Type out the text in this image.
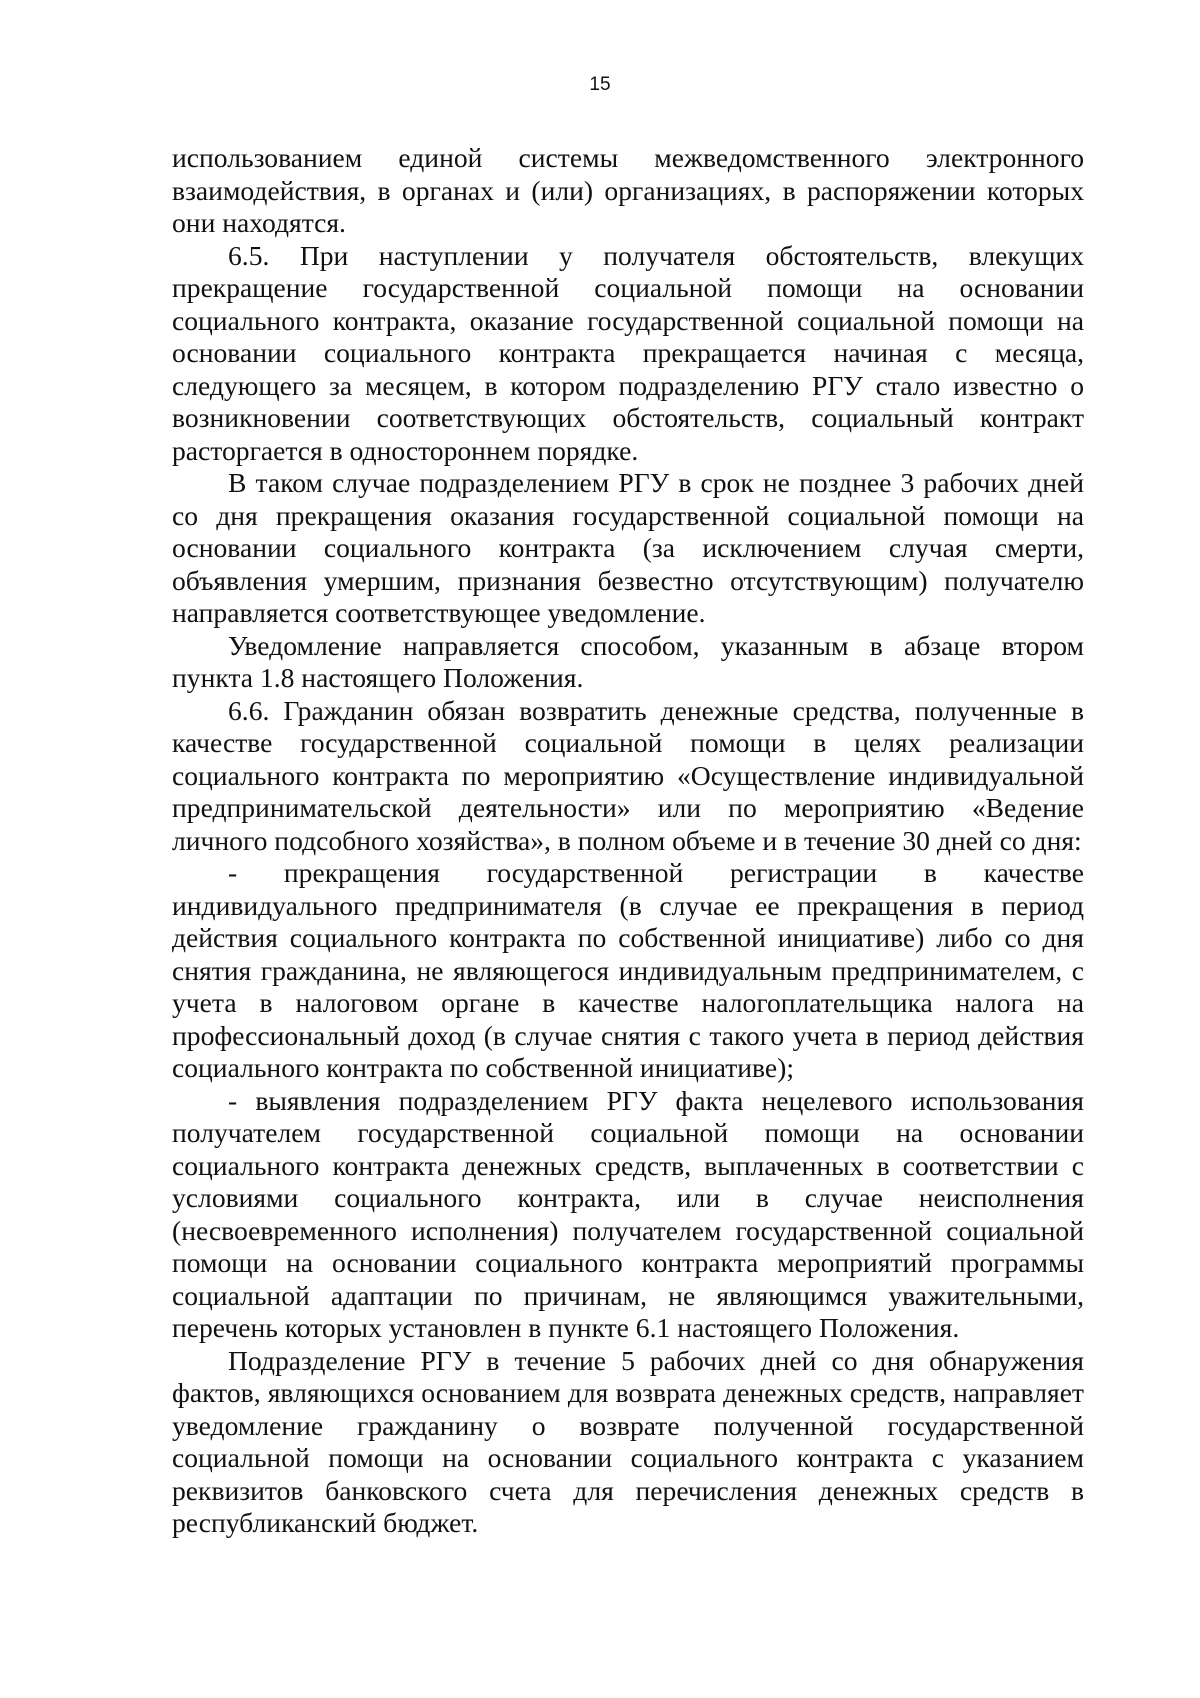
15

использованием единой системы межведомственного электронного взаимодействия, в органах и (или) организациях, в распоряжении которых они находятся.

6.5. При наступлении у получателя обстоятельств, влекущих прекращение государственной социальной помощи на основании социального контракта, оказание государственной социальной помощи на основании социального контракта прекращается начиная с месяца, следующего за месяцем, в котором подразделению РГУ стало известно о возникновении соответствующих обстоятельств, социальный контракт расторгается в одностороннем порядке.

В таком случае подразделением РГУ в срок не позднее 3 рабочих дней со дня прекращения оказания государственной социальной помощи на основании социального контракта (за исключением случая смерти, объявления умершим, признания безвестно отсутствующим) получателю направляется соответствующее уведомление.

Уведомление направляется способом, указанным в абзаце втором пункта 1.8 настоящего Положения.

6.6. Гражданин обязан возвратить денежные средства, полученные в качестве государственной социальной помощи в целях реализации социального контракта по мероприятию «Осуществление индивидуальной предпринимательской деятельности» или по мероприятию «Ведение личного подсобного хозяйства», в полном объеме и в течение 30 дней со дня:

- прекращения государственной регистрации в качестве индивидуального предпринимателя (в случае ее прекращения в период действия социального контракта по собственной инициативе) либо со дня снятия гражданина, не являющегося индивидуальным предпринимателем, с учета в налоговом органе в качестве налогоплательщика налога на профессиональный доход (в случае снятия с такого учета в период действия социального контракта по собственной инициативе);

- выявления подразделением РГУ факта нецелевого использования получателем государственной социальной помощи на основании социального контракта денежных средств, выплаченных в соответствии с условиями социального контракта, или в случае неисполнения (несвоевременного исполнения) получателем государственной социальной помощи на основании социального контракта мероприятий программы социальной адаптации по причинам, не являющимся уважительными, перечень которых установлен в пункте 6.1 настоящего Положения.

Подразделение РГУ в течение 5 рабочих дней со дня обнаружения фактов, являющихся основанием для возврата денежных средств, направляет уведомление гражданину о возврате полученной государственной социальной помощи на основании социального контракта с указанием реквизитов банковского счета для перечисления денежных средств в республиканский бюджет.
